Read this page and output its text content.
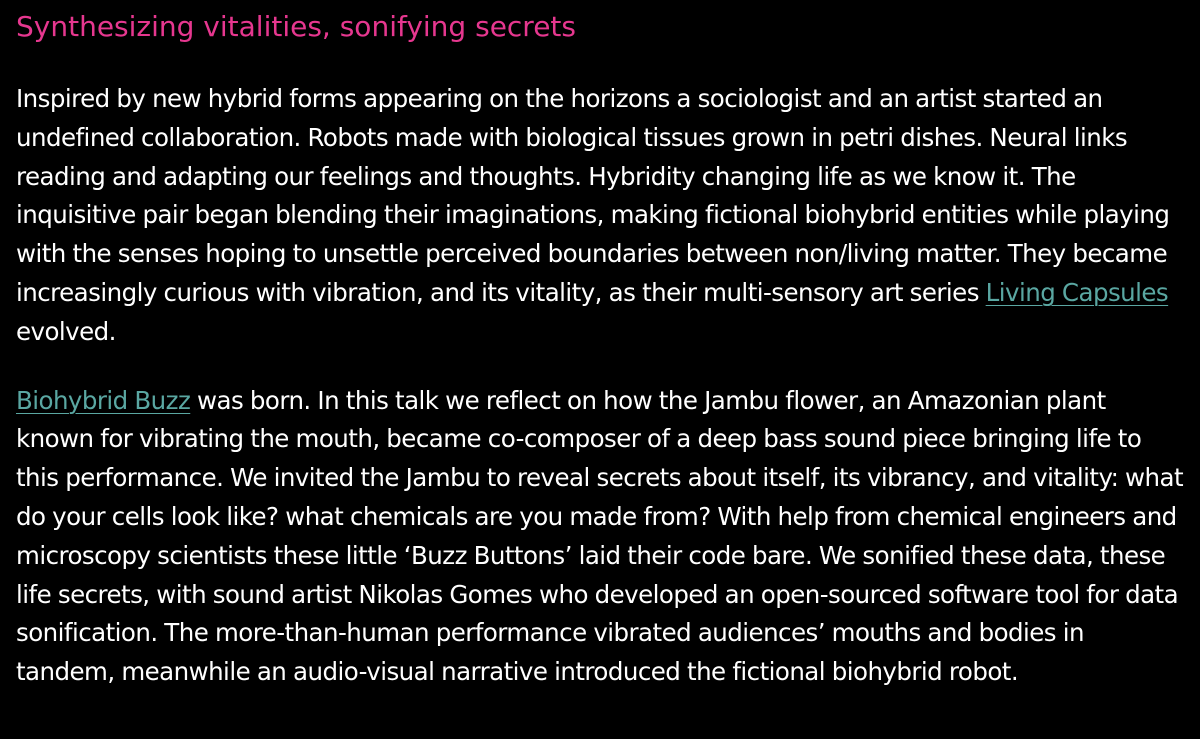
Synthesizing vitalities, sonifying secrets

Inspired by new hybrid forms appearing on the horizons a sociologist and an artist started an undefined collaboration. Robots made with biological tissues grown in petri dishes. Neural links reading and adapting our feelings and thoughts. Hybridity changing life as we know it. The inquisitive pair began blending their imaginations, making fictional biohybrid entities while playing with the senses hoping to unsettle perceived boundaries between non/living matter. They became increasingly curious with vibration, and its vitality, as their multi-sensory art series Living Capsules evolved.

Biohybrid Buzz was born. In this talk we reflect on how the Jambu flower, an Amazonian plant known for vibrating the mouth, became co-composer of a deep bass sound piece bringing life to this performance. We invited the Jambu to reveal secrets about itself, its vibrancy, and vitality: what do your cells look like? what chemicals are you made from? With help from chemical engineers and microscopy scientists these little ‘Buzz Buttons’ laid their code bare. We sonified these data, these life secrets, with sound artist Nikolas Gomes who developed an open-sourced software tool for data sonification. The more-than-human performance vibrated audiences’ mouths and bodies in tandem, meanwhile an audio-visual narrative introduced the fictional biohybrid robot.
